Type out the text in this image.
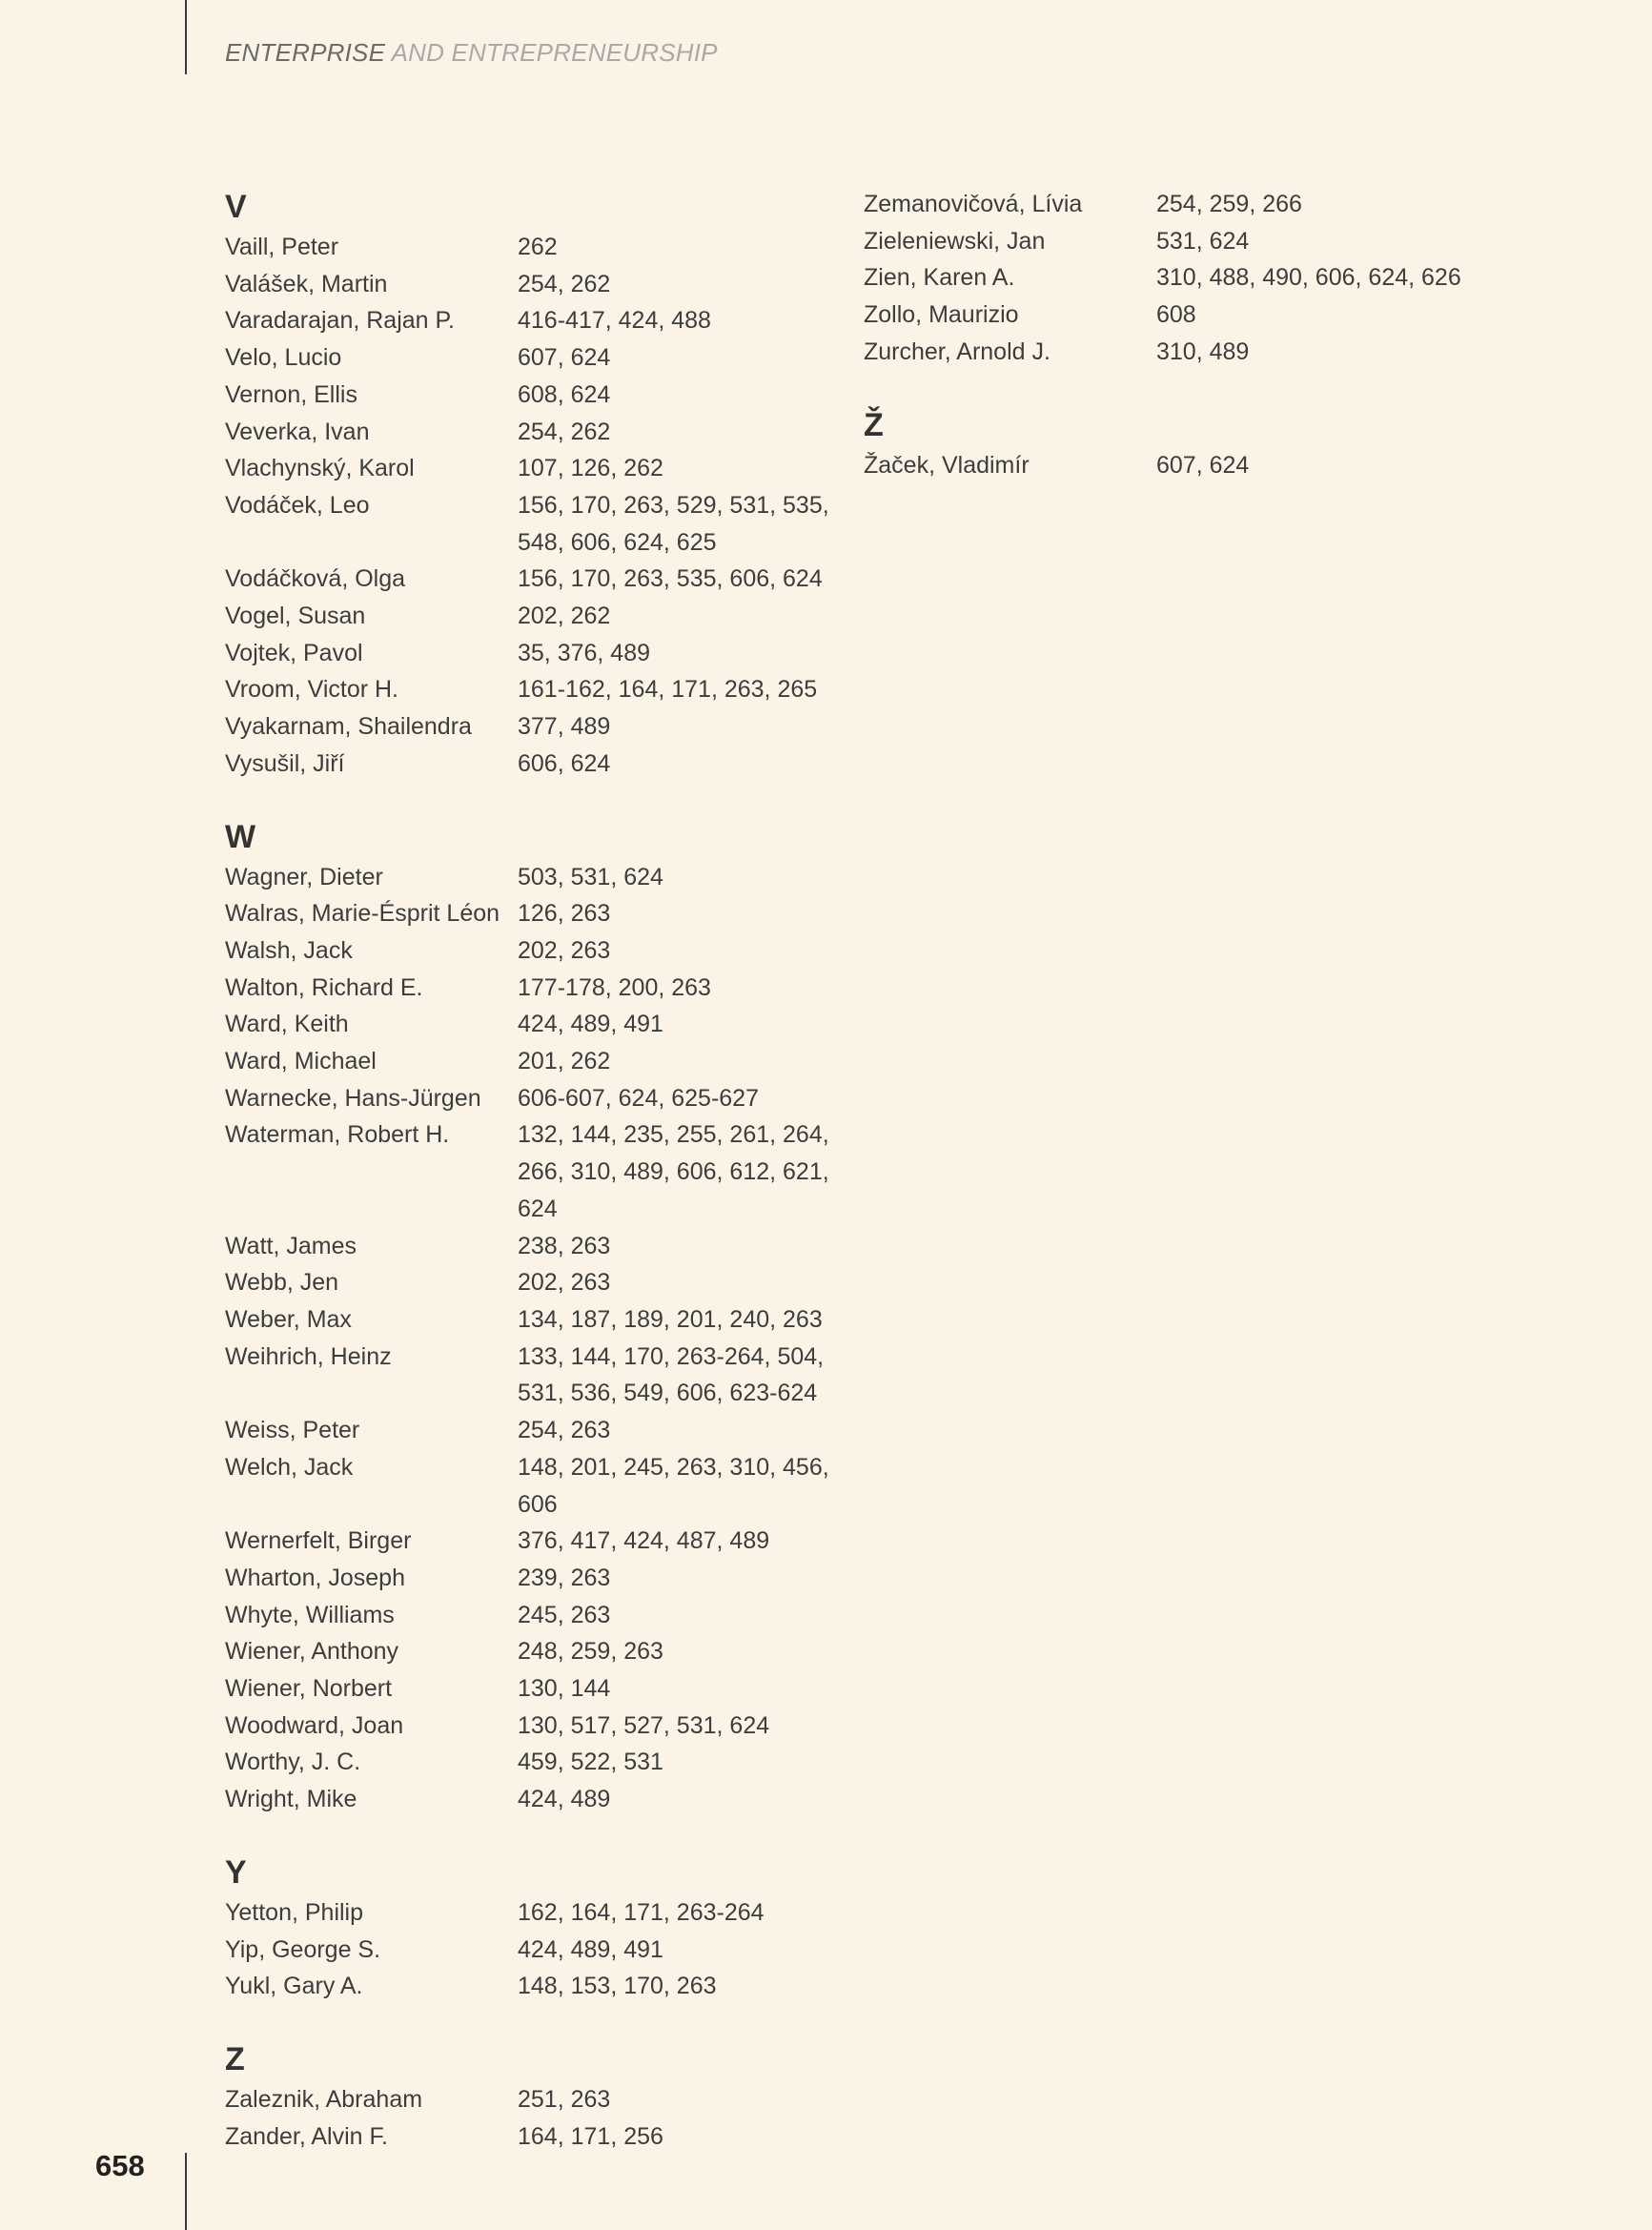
ENTERPRISE AND ENTREPRENEURSHIP
V
Vaill, Peter	262
Valášek, Martin	254, 262
Varadarajan, Rajan P.	416-417, 424, 488
Velo, Lucio	607, 624
Vernon, Ellis	608, 624
Veverka, Ivan	254, 262
Vlachynský, Karol	107, 126, 262
Vodáček, Leo	156, 170, 263, 529, 531, 535, 548, 606, 624, 625
Vodáčková, Olga	156, 170, 263, 535, 606, 624
Vogel, Susan	202, 262
Vojtek, Pavol	35, 376, 489
Vroom, Victor H.	161-162, 164, 171, 263, 265
Vyakarnam, Shailendra	377, 489
Vysušil, Jiří	606, 624
W
Wagner, Dieter	503, 531, 624
Walras, Marie-Ésprit Léon 126, 263
Walsh, Jack	202, 263
Walton, Richard E.	177-178, 200, 263
Ward, Keith	424, 489, 491
Ward, Michael	201, 262
Warnecke, Hans-Jürgen	606-607, 624, 625-627
Waterman, Robert H.	132, 144, 235, 255, 261, 264, 266, 310, 489, 606, 612, 621, 624
Watt, James	238, 263
Webb, Jen	202, 263
Weber, Max	134, 187, 189, 201, 240, 263
Weihrich, Heinz	133, 144, 170, 263-264, 504, 531, 536, 549, 606, 623-624
Weiss, Peter	254, 263
Welch, Jack	148, 201, 245, 263, 310, 456, 606
Wernerfelt, Birger	376, 417, 424, 487, 489
Wharton, Joseph	239, 263
Whyte, Williams	245, 263
Wiener, Anthony	248, 259, 263
Wiener, Norbert	130, 144
Woodward, Joan	130, 517, 527, 531, 624
Worthy, J. C.	459, 522, 531
Wright, Mike	424, 489
Y
Yetton, Philip	162, 164, 171, 263-264
Yip, George S.	424, 489, 491
Yukl, Gary A.	148, 153, 170, 263
Z
Zaleznik, Abraham	251, 263
Zander, Alvin F.	164, 171, 256
Zemanovičová, Lívia	254, 259, 266
Zieleniewski, Jan	531, 624
Zien, Karen A.	310, 488, 490, 606, 624, 626
Zollo, Maurizio	608
Zurcher, Arnold J.	310, 489
Ž
Žaček, Vladimír	607, 624
658
